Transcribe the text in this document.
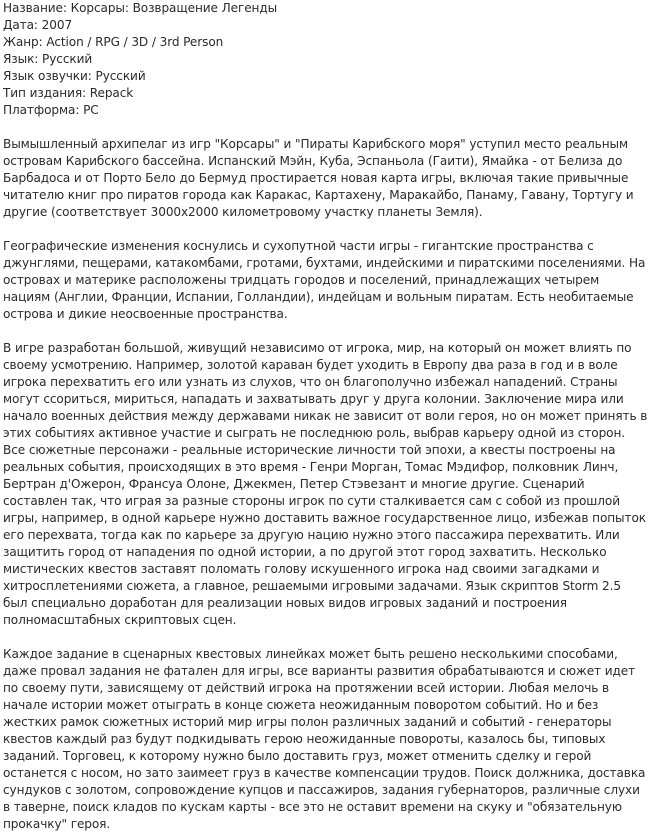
Название: Корсары: Возвращение Легенды
Дата: 2007
Жанр: Action / RPG / 3D / 3rd Person
Язык: Русский
Язык озвучки: Русский
Тип издания: Repack
Платформа: PC

Вымышленный архипелаг из игр "Корсары" и "Пираты Карибского моря" уступил место реальным островам Карибского бассейна. Испанский Мэйн, Куба, Эспаньола (Гаити), Ямайка - от Белиза до Барбадоса и от Порто Бело до Бермуд простирается новая карта игры, включая такие привычные читателю книг про пиратов города как Каракас, Картахену, Маракайбо, Панаму, Гавану, Тортугу и другие (соответствует 3000х2000 километровому участку планеты Земля).

Географические изменения коснулись и сухопутной части игры - гигантские пространства с джунглями, пещерами, катакомбами, гротами, бухтами, индейскими и пиратскими поселениями. На островах и материке расположены тридцать городов и поселений, принадлежащих четырем нациям (Англии, Франции, Испании, Голландии), индейцам и вольным пиратам. Есть необитаемые острова и дикие неосвоенные пространства.

В игре разработан большой, живущий независимо от игрока, мир, на который он может влиять по своему усмотрению. Например, золотой караван будет уходить в Европу два раза в год и в воле игрока перехватить его или узнать из слухов, что он благополучно избежал нападений. Страны могут ссориться, мириться, нападать и захватывать друг у друга колонии. Заключение мира или начало военных действия между державами никак не зависит от воли героя, но он может принять в этих событиях активное участие и сыграть не последнюю роль, выбрав карьеру одной из сторон. Все сюжетные персонажи - реальные исторические личности той эпохи, а квесты построены на реальных события, происходящих в это время - Генри Морган, Томас Мэдифор, полковник Линч, Бертран д'Ожерон, Франсуа Олоне, Джекмен, Петер Стэвезант и многие другие. Сценарий составлен так, что играя за разные стороны игрок по сути сталкивается сам с собой из прошлой игры, например, в одной карьере нужно доставить важное государственное лицо, избежав попыток его перехвата, тогда как по карьере за другую нацию нужно этого пассажира перехватить. Или защитить город от нападения по одной истории, а по другой этот город захватить. Несколько мистических квестов заставят поломать голову искушенного игрока над своими загадками и хитросплетениями сюжета, а главное, решаемыми игровыми задачами. Язык скриптов Storm 2.5 был специально доработан для реализации новых видов игровых заданий и построения полномасштабных скриптовых сцен.

Каждое задание в сценарных квестовых линейках может быть решено несколькими способами, даже провал задания не фатален для игры, все варианты развития обрабатываются и сюжет идет по своему пути, зависящему от действий игрока на протяжении всей истории. Любая мелочь в начале истории может отыграть в конце сюжета неожиданным поворотом событий. Но и без жестких рамок сюжетных историй мир игры полон различных заданий и событий - генераторы квестов каждый раз будут подкидывать герою неожиданные повороты, казалось бы, типовых заданий. Торговец, к которому нужно было доставить груз, может отменить сделку и герой останется с носом, но зато заимеет груз в качестве компенсации трудов. Поиск должника, доставка сундуков с золотом, сопровождение купцов и пассажиров, задания губернаторов, различные слухи в таверне, поиск кладов по кускам карты - все это не оставит времени на скуку и "обязательную прокачку" героя.
